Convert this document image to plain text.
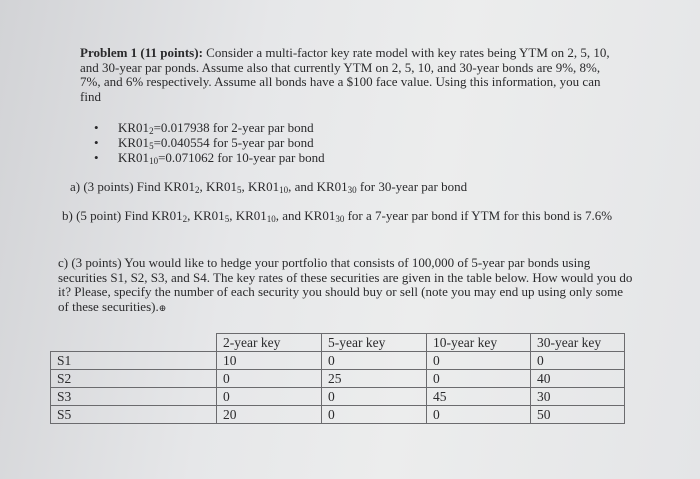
Problem 1 (11 points): Consider a multi-factor key rate model with key rates being YTM on 2, 5, 10, and 30-year par ponds. Assume also that currently YTM on 2, 5, 10, and 30-year bonds are 9%, 8%, 7%, and 6% respectively. Assume all bonds have a $100 face value. Using this information, you can find

• $KR01_2=0.017938$ for 2-year par bond
• $KR01_5=0.040554$ for 5-year par bond
• $KR01_{10}=0.071062$ for 10-year par bond

a) (3 points) Find $KR01_2$, $KR01_5$, $KR01_{10}$, and $KR01_{30}$ for 30-year par bond

b) (5 point) Find $KR01_2$, $KR01_5$, $KR01_{10}$, and $KR01_{30}$ for a 7-year par bond if YTM for this bond is 7.6%

c) (3 points) You would like to hedge your portfolio that consists of 100,000 of 5-year par bonds using securities S1, S2, S3, and S4. The key rates of these securities are given in the table below. How would you do it? Please, specify the number of each security you should buy or sell (note you may end up using only some of these securities).⊕

	2-year key	5-year key	10-year key	30-year key
S1	10	0	0	0
S2	0	25	0	40
S3	0	0	45	30
S5	20	0	0	50
